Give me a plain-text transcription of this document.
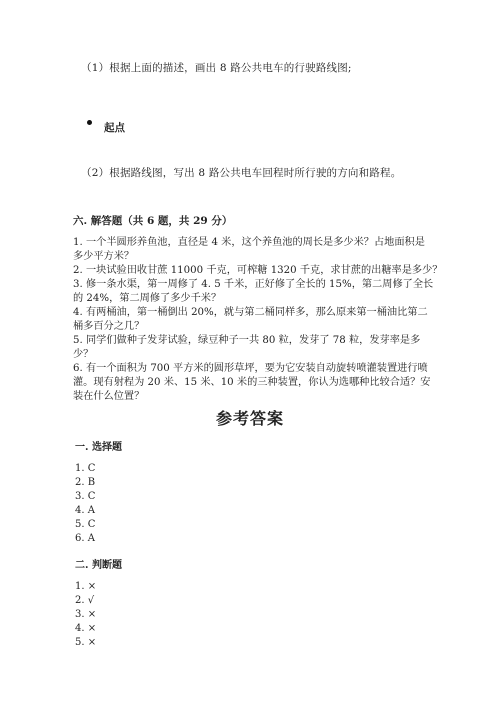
（1）根据上面的描述，画出 8 路公共电车的行驶路线图;
起点
（2）根据路线图，写出 8 路公共电车回程时所行驶的方向和路程。
六. 解答题（共 6 题，共 29 分）
1. 一个半圆形养鱼池，直径是 4 米，这个养鱼池的周长是多少米？占地面积是
多少平方米？
2. 一块试验田收甘蔗 11000 千克，可榨糖 1320 千克，求甘蔗的出糖率是多少？
3. 修一条水渠，第一周修了 4. 5 千米，正好修了全长的 15%，第二周修了全长
的 24%，第二周修了多少千米？
4. 有两桶油，第一桶倒出 20%，就与第二桶同样多，那么原来第一桶油比第二
桶多百分之几？
5. 同学们做种子发芽试验，绿豆种子一共 80 粒，发芽了 78 粒，发芽率是多
少？
6. 有一个面积为 700 平方米的圆形草坪，要为它安装自动旋转喷灌装置进行喷
灌。现有射程为 20 米、15 米、10 米的三种装置，你认为选哪种比较合适？安
装在什么位置？
参考答案
一. 选择题
1. C
2. B
3. C
4. A
5. C
6. A
二. 判断题
1. ×
2. √
3. ×
4. ×
5. ×
